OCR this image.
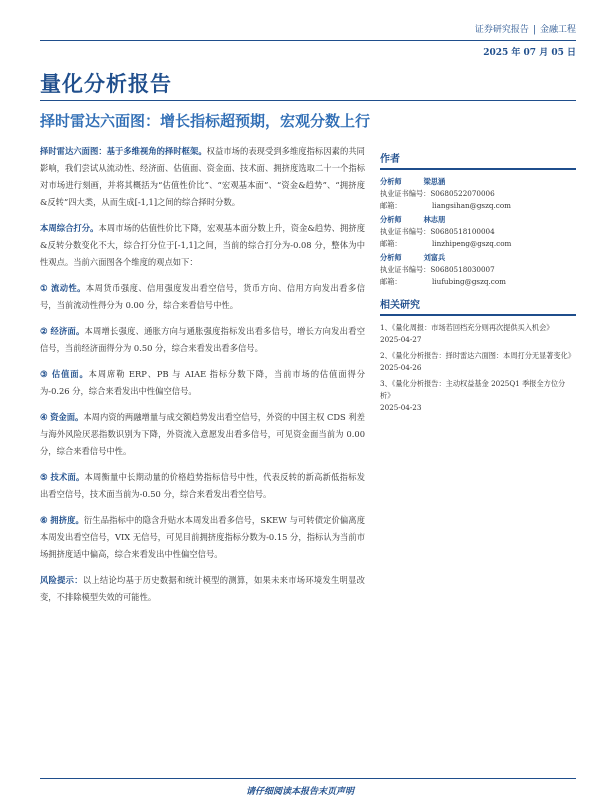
证券研究报告 | 金融工程
2025 年 07 月 05 日
量化分析报告
择时雷达六面图：增长指标超预期，宏观分数上行

择时雷达六面图：基于多维视角的择时框架。权益市场的表现受到多维度指标因素的共同影响，我们尝试从流动性、经济面、估值面、资金面、技术面、拥挤度选取二十一个指标对市场进行刻画，并将其概括为“估值性价比”、“宏观基本面”、“资金&趋势”、“拥挤度&反转”四大类，从而生成[-1,1]之间的综合择时分数。

本周综合打分。本周市场的估值性价比下降，宏观基本面分数上升，资金&趋势、拥挤度&反转分数变化不大，综合打分位于[-1,1]之间，当前的综合打分为-0.08 分，整体为中性观点。当前六面图各个维度的观点如下：

① 流动性。本周货币强度、信用强度发出看空信号，货币方向、信用方向发出看多信号，当前流动性得分为 0.00 分，综合来看信号中性。

② 经济面。本周增长强度、通胀方向与通胀强度指标发出看多信号，增长方向发出看空信号，当前经济面得分为 0.50 分，综合来看发出看多信号。

③ 估值面。本周席勒 ERP、PB 与 AIAE 指标分数下降，当前市场的估值面得分为-0.26 分，综合来看发出中性偏空信号。

④ 资金面。本周内资的两融增量与成交额趋势发出看空信号，外资的中国主权 CDS 利差与海外风险厌恶指数识别为下降，外资流入意愿发出看多信号，可见资金面当前为 0.00 分，综合来看信号中性。

⑤ 技术面。本周衡量中长期动量的价格趋势指标信号中性，代表反转的新高新低指标发出看空信号，技术面当前为-0.50 分，综合来看发出看空信号。

⑥ 拥挤度。衍生品指标中的隐含升贴水本周发出看多信号，SKEW 与可转债定价偏离度本周发出看空信号，VIX 无信号，可见目前拥挤度指标分数为-0.15 分，指标认为当前市场拥挤度适中偏高，综合来看发出中性偏空信号。

风险提示：以上结论均基于历史数据和统计模型的测算，如果未来市场环境发生明显改变，不排除模型失效的可能性。

作者
分析师	梁思涵
执业证书编号：S0680522070006
邮箱：	liangsihan@gszq.com
分析师	林志朋
执业证书编号：S0680518100004
邮箱：	linzhipeng@gszq.com
分析师	刘富兵
执业证书编号：S0680518030007
邮箱：	liufubing@gszq.com
相关研究
1、《量化周报：市场若回档充分则再次提供买入机会》
2025-04-27
2、《量化分析报告：择时雷达六面图：本周打分无显著变化》
2025-04-26
3、《量化分析报告：主动权益基金 2025Q1 季报全方位分析》
2025-04-23
请仔细阅读本报告末页声明
